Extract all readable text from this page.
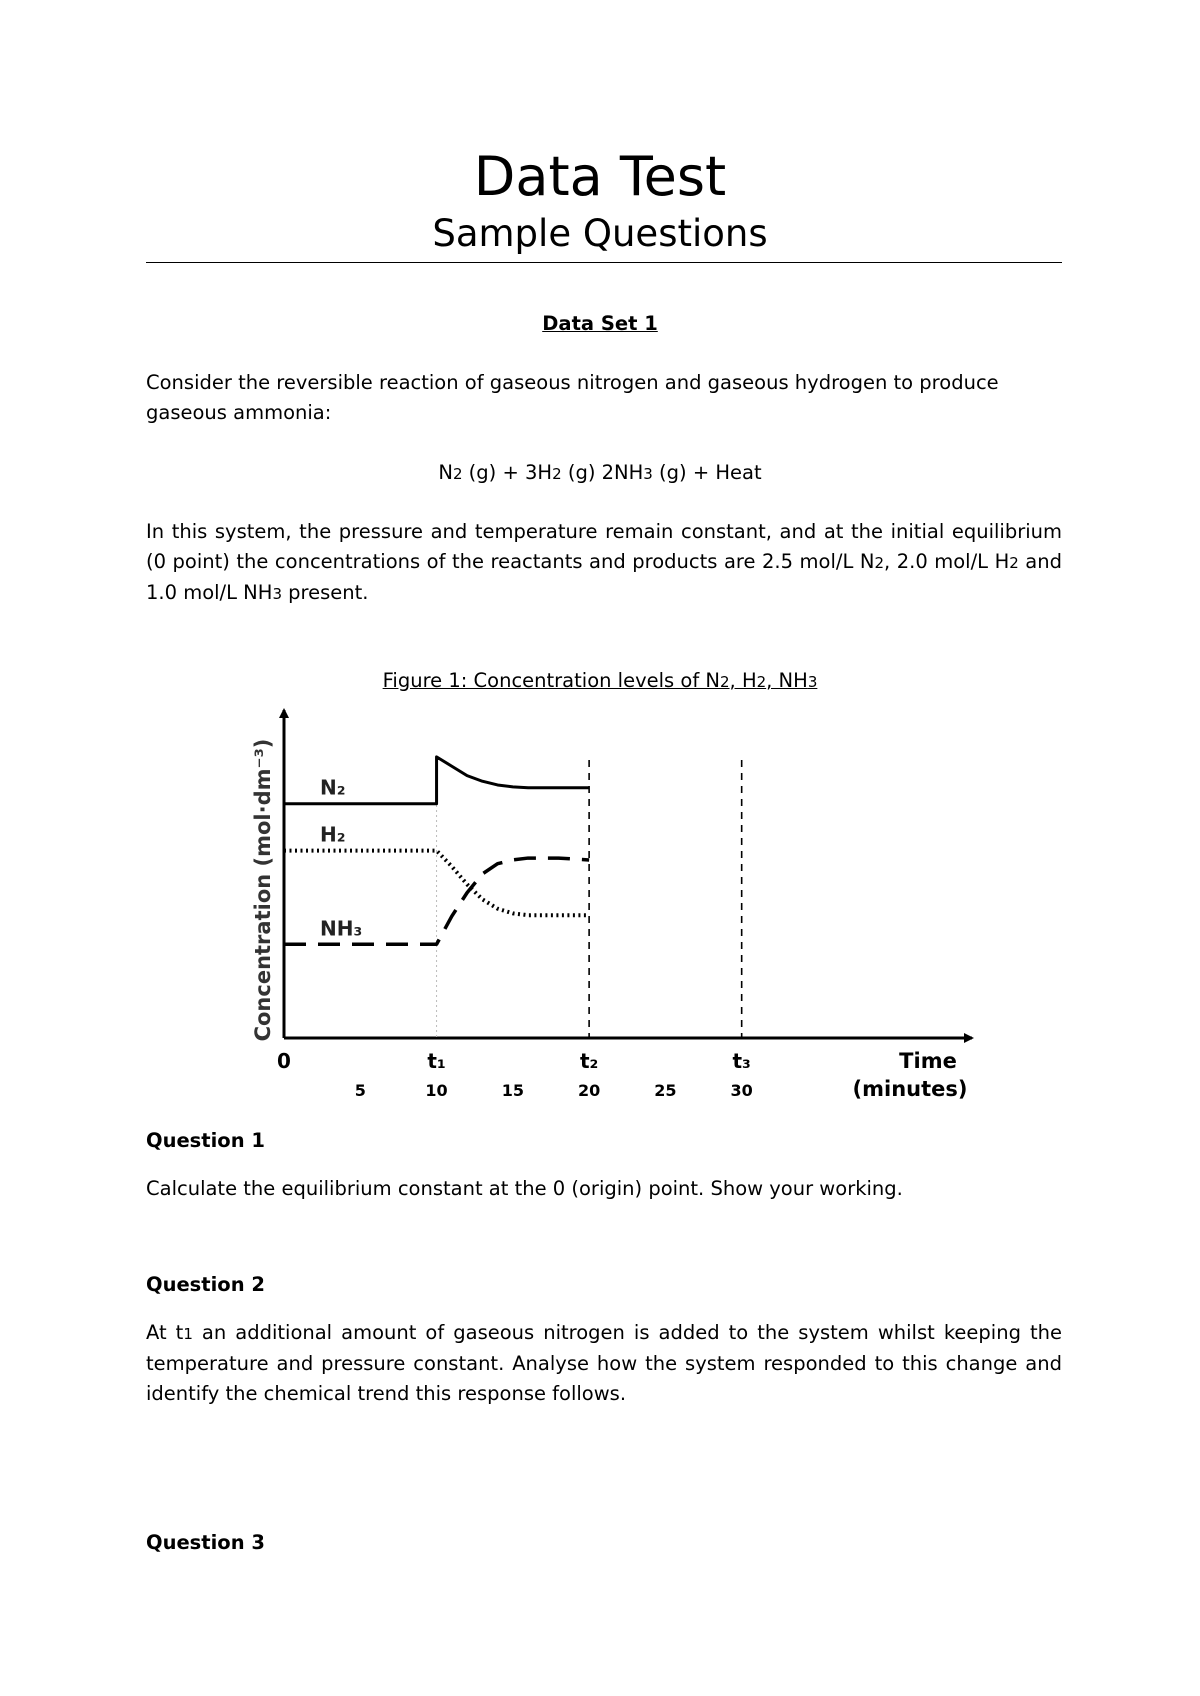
Data Test
Sample Questions
Data Set 1
Consider the reversible reaction of gaseous nitrogen and gaseous hydrogen to produce gaseous ammonia:
N2 (g) + 3H2 (g) 2NH3 (g) + Heat
In this system, the pressure and temperature remain constant, and at the initial equilibrium (0 point) the concentrations of the reactants and products are 2.5 mol/L N2, 2.0 mol/L H2 and 1.0 mol/L NH3 present.
Figure 1: Concentration levels of N2, H2, NH3
Concentration (mol·dm⁻³)
t₁	t₂	t₃
0
5	10	15	20	25	30
Time
(minutes)
N₂
H₂
NH₃
Question 1
Calculate the equilibrium constant at the 0 (origin) point. Show your working.
Question 2
At t1 an additional amount of gaseous nitrogen is added to the system whilst keeping the temperature and pressure constant. Analyse how the system responded to this change and identify the chemical trend this response follows.
Question 3
